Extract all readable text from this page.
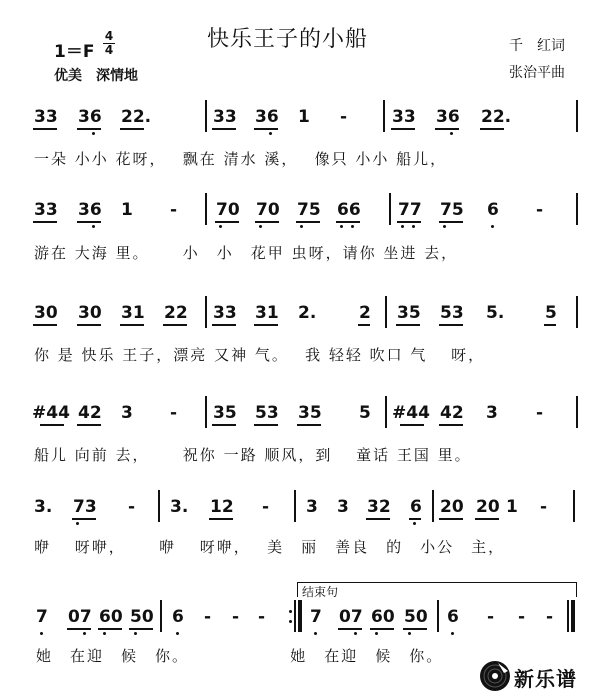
快乐王子的小船
1＝F
4
4
优美　深情地
千　红词
张治平曲
33 36 22.	33 36 1 -	33 36 22.
一朵 小小 花呀，　 飘在 清水 溪，　 像只 小小 船儿，
33 36 1 - 70 70 75 66 77 75 6 -
游在 大海 里。　　 小　小　花甲 虫呀，请你 坐进 去，
30 30 31 22 33 31 2.	2 35 53 5. 5
你 是 快乐 王子，漂亮 又神 气。　 我 轻轻 吹口 气　 呀，
#44 42 3 - 35 53 35 5 #44 42 3 -
船儿 向前 去，　　 祝你 一路 顺风，到　 童话 王国 里。
3. 73 - 3. 12 - 3 3 32 6 20 20 1 -
咿　 呀咿，　　 咿　 呀咿，　 美　丽　善良　的　小公　主，
结束句
7 07 60 50 6 - - -	7 07 60 50 6 - - -
她　在迎　候　你。　　　　　　 她　在迎　候　你。
新乐谱
